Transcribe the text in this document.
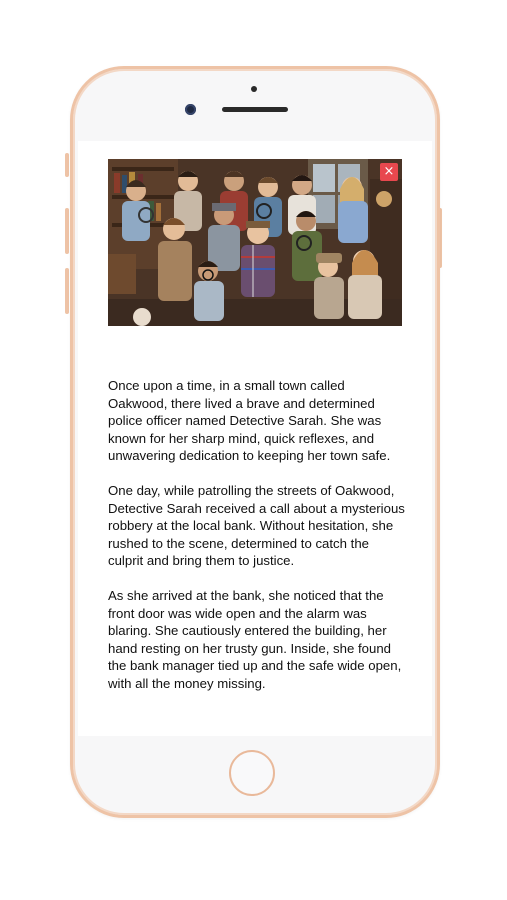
×

Once upon a time, in a small town called Oakwood, there lived a brave and determined police officer named Detective Sarah. She was known for her sharp mind, quick reflexes, and unwavering dedication to keeping her town safe.

One day, while patrolling the streets of Oakwood, Detective Sarah received a call about a mysterious robbery at the local bank. Without hesitation, she rushed to the scene, determined to catch the culprit and bring them to justice.

As she arrived at the bank, she noticed that the front door was wide open and the alarm was blaring. She cautiously entered the building, her hand resting on her trusty gun. Inside, she found the bank manager tied up and the safe wide open, with all the money missing.
